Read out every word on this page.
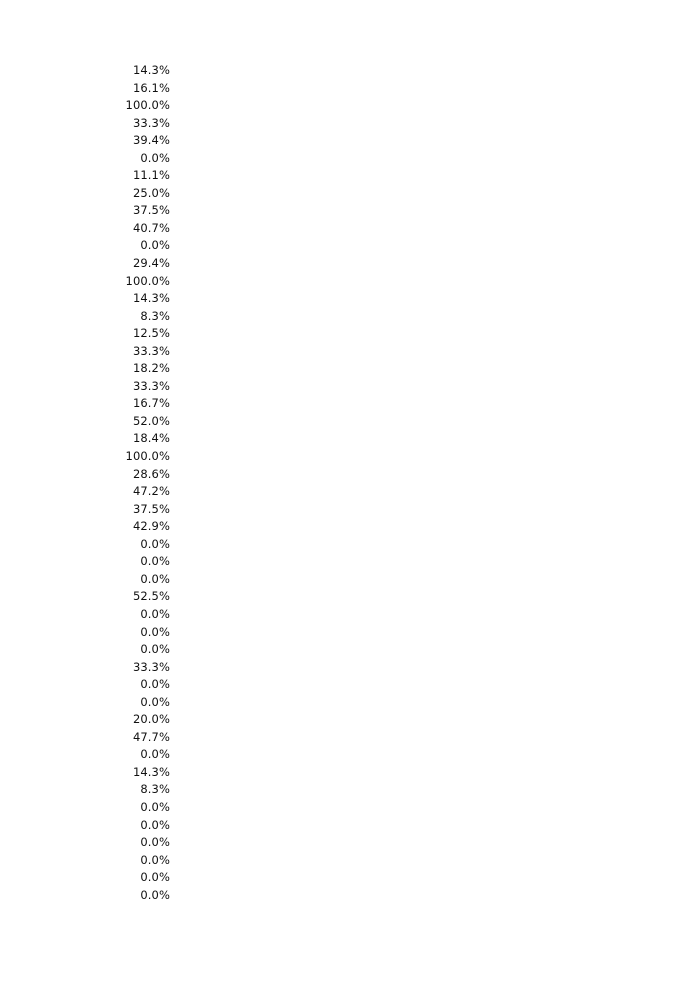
14.3%
16.1%
100.0%
33.3%
39.4%
0.0%
11.1%
25.0%
37.5%
40.7%
0.0%
29.4%
100.0%
14.3%
8.3%
12.5%
33.3%
18.2%
33.3%
16.7%
52.0%
18.4%
100.0%
28.6%
47.2%
37.5%
42.9%
0.0%
0.0%
0.0%
52.5%
0.0%
0.0%
0.0%
33.3%
0.0%
0.0%
20.0%
47.7%
0.0%
14.3%
8.3%
0.0%
0.0%
0.0%
0.0%
0.0%
0.0%
